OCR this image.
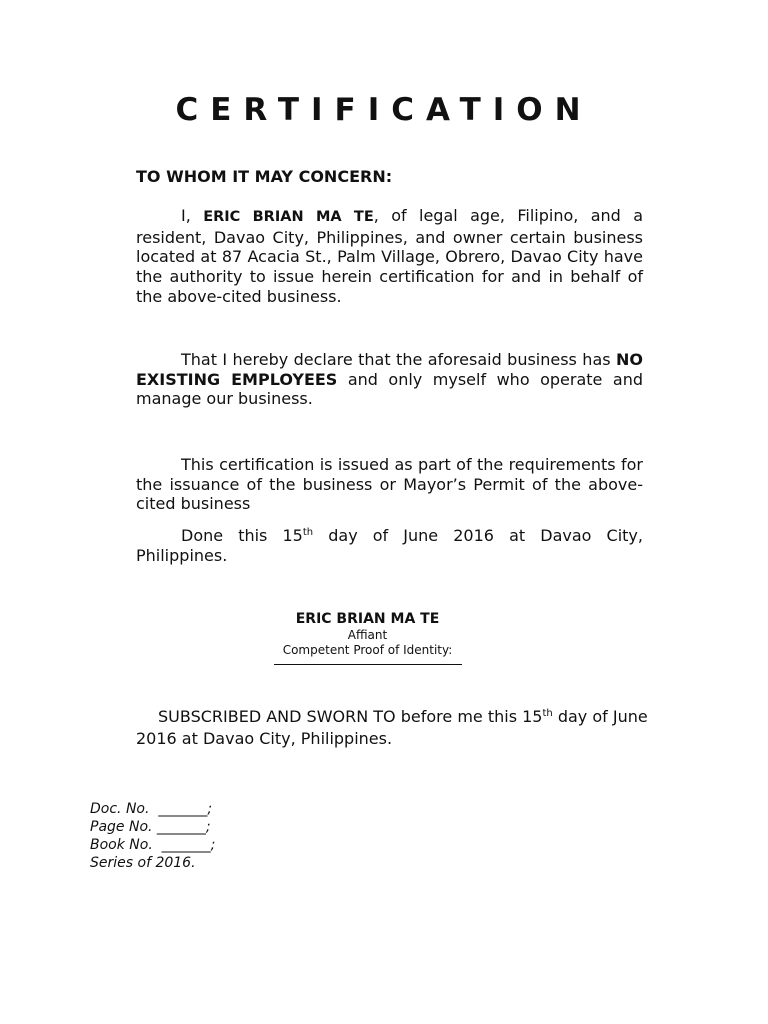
CERTIFICATION
TO WHOM IT MAY CONCERN:

I, ERIC BRIAN MA TE, of legal age, Filipino, and a resident, Davao City, Philippines, and owner certain business located at 87 Acacia St., Palm Village, Obrero, Davao City have the authority to issue herein certification for and in behalf of the above-cited business.

That I hereby declare that the aforesaid business has NO EXISTING EMPLOYEES and only myself who operate and manage our business.

This certification is issued as part of the requirements for the issuance of the business or Mayor’s Permit of the above-cited business

Done this 15th day of June 2016 at Davao City, Philippines.

ERIC BRIAN MA TE
Affiant
Competent Proof of Identity:

SUBSCRIBED AND SWORN TO before me this 15th day of June 2016 at Davao City, Philippines.

Doc. No.  _______;
Page No. _______;
Book No.  _______;
Series of 2016.
